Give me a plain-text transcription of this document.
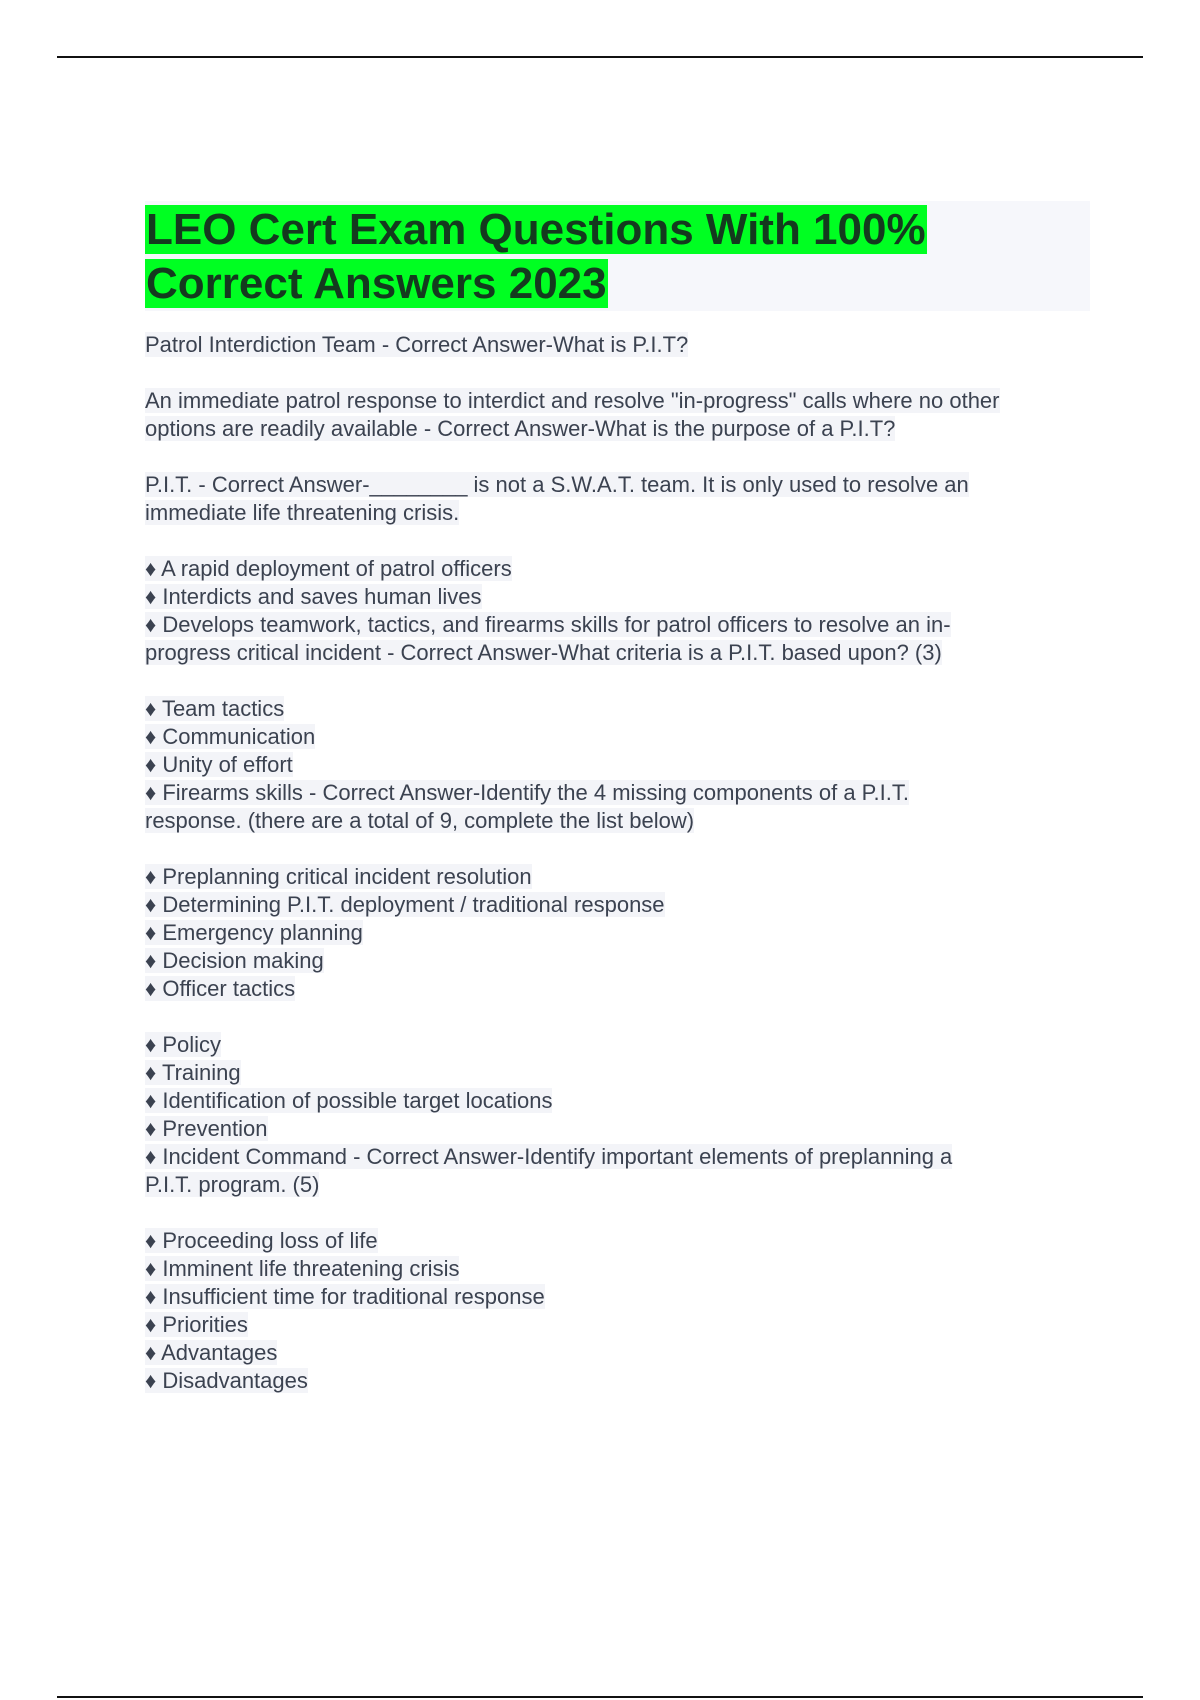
LEO Cert Exam Questions With 100%
Correct Answers 2023
Patrol Interdiction Team - Correct Answer-What is P.I.T?
An immediate patrol response to interdict and resolve "in-progress" calls where no other
options are readily available - Correct Answer-What is the purpose of a P.I.T?
P.I.T. - Correct Answer-________ is not a S.W.A.T. team. It is only used to resolve an
immediate life threatening crisis.
♦ A rapid deployment of patrol officers
♦ Interdicts and saves human lives
♦ Develops teamwork, tactics, and firearms skills for patrol officers to resolve an in-
progress critical incident - Correct Answer-What criteria is a P.I.T. based upon? (3)
♦ Team tactics
♦ Communication
♦ Unity of effort
♦ Firearms skills - Correct Answer-Identify the 4 missing components of a P.I.T.
response. (there are a total of 9, complete the list below)
♦ Preplanning critical incident resolution
♦ Determining P.I.T. deployment / traditional response
♦ Emergency planning
♦ Decision making
♦ Officer tactics
♦ Policy
♦ Training
♦ Identification of possible target locations
♦ Prevention
♦ Incident Command - Correct Answer-Identify important elements of preplanning a
P.I.T. program. (5)
♦ Proceeding loss of life
♦ Imminent life threatening crisis
♦ Insufficient time for traditional response
♦ Priorities
♦ Advantages
♦ Disadvantages
